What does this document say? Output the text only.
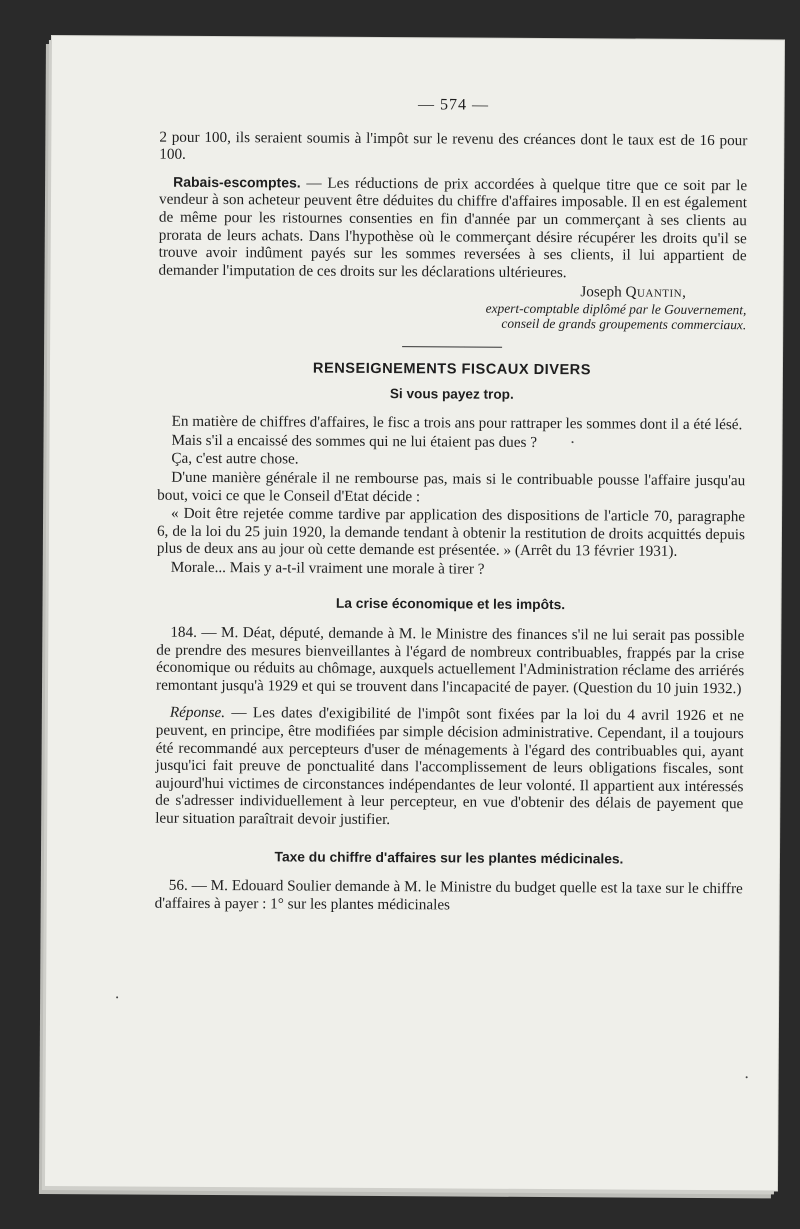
— 574 —

2 pour 100, ils seraient soumis à l'impôt sur le revenu des créances dont le taux est de 16 pour 100.

Rabais-escomptes. — Les réductions de prix accordées à quelque titre que ce soit par le vendeur à son acheteur peuvent être déduites du chiffre d'affaires imposable. Il en est également de même pour les ristournes consenties en fin d'année par un commerçant à ses clients au prorata de leurs achats. Dans l'hypothèse où le commerçant désire récupérer les droits qu'il se trouve avoir indûment payés sur les sommes reversées à ses clients, il lui appartient de demander l'imputation de ces droits sur les déclarations ultérieures.

Joseph Quantin,
expert-comptable diplômé par le Gouvernement,
conseil de grands groupements commerciaux.
RENSEIGNEMENTS FISCAUX DIVERS
Si vous payez trop.

En matière de chiffres d'affaires, le fisc a trois ans pour rattraper les sommes dont il a été lésé.

Mais s'il a encaissé des sommes qui ne lui étaient pas dues ?

Ça, c'est autre chose.

D'une manière générale il ne rembourse pas, mais si le contribuable pousse l'affaire jusqu'au bout, voici ce que le Conseil d'Etat décide :

« Doit être rejetée comme tardive par application des dispositions de l'article 70, paragraphe 6, de la loi du 25 juin 1920, la demande tendant à obtenir la restitution de droits acquittés depuis plus de deux ans au jour où cette demande est présentée. » (Arrêt du 13 février 1931).

Morale... Mais y a-t-il vraiment une morale à tirer ?

La crise économique et les impôts.

184. — M. Déat, député, demande à M. le Ministre des finances s'il ne lui serait pas possible de prendre des mesures bienveillantes à l'égard de nombreux contribuables, frappés par la crise économique ou réduits au chômage, auxquels actuellement l'Administration réclame des arriérés remontant jusqu'à 1929 et qui se trouvent dans l'incapacité de payer. (Question du 10 juin 1932.)

Réponse. — Les dates d'exigibilité de l'impôt sont fixées par la loi du 4 avril 1926 et ne peuvent, en principe, être modifiées par simple décision administrative. Cependant, il a toujours été recommandé aux percepteurs d'user de ménagements à l'égard des contribuables qui, ayant jusqu'ici fait preuve de ponctualité dans l'accomplissement de leurs obligations fiscales, sont aujourd'hui victimes de circonstances indépendantes de leur volonté. Il appartient aux intéressés de s'adresser individuellement à leur percepteur, en vue d'obtenir des délais de payement que leur situation paraîtrait devoir justifier.

Taxe du chiffre d'affaires sur les plantes médicinales.

56. — M. Edouard Soulier demande à M. le Ministre du budget quelle est la taxe sur le chiffre d'affaires à payer : 1° sur les plantes médicinales
